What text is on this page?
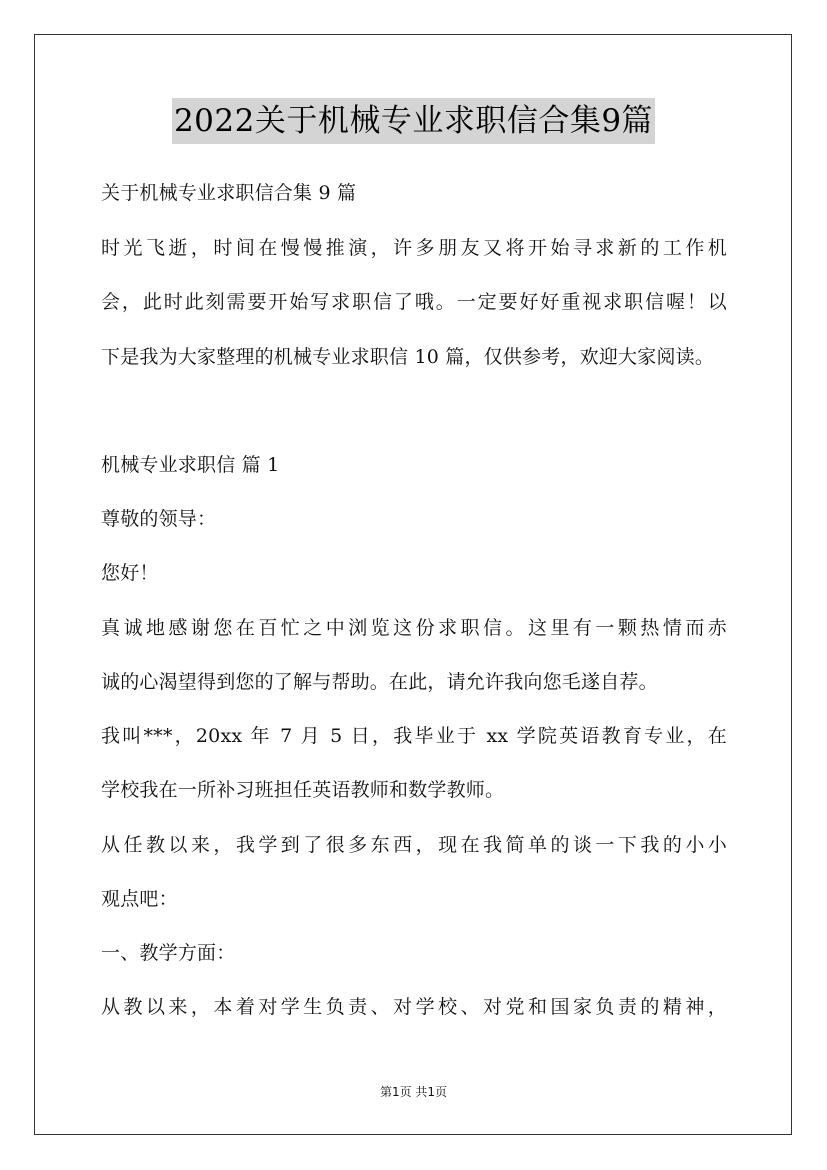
2022关于机械专业求职信合集9篇
关于机械专业求职信合集 9 篇
时光飞逝，时间在慢慢推演，许多朋友又将开始寻求新的工作机
会，此时此刻需要开始写求职信了哦。一定要好好重视求职信喔！以
下是我为大家整理的机械专业求职信 10 篇，仅供参考，欢迎大家阅读。
机械专业求职信 篇 1
尊敬的领导：
您好！
真诚地感谢您在百忙之中浏览这份求职信。这里有一颗热情而赤
诚的心渴望得到您的了解与帮助。在此，请允许我向您毛遂自荐。
我叫***，20xx 年 7 月 5 日，我毕业于 xx 学院英语教育专业，在
学校我在一所补习班担任英语教师和数学教师。
从任教以来，我学到了很多东西，现在我简单的谈一下我的小小
观点吧：
一、教学方面：
从教以来，本着对学生负责、对学校、对党和国家负责的精神，
第1页 共1页
